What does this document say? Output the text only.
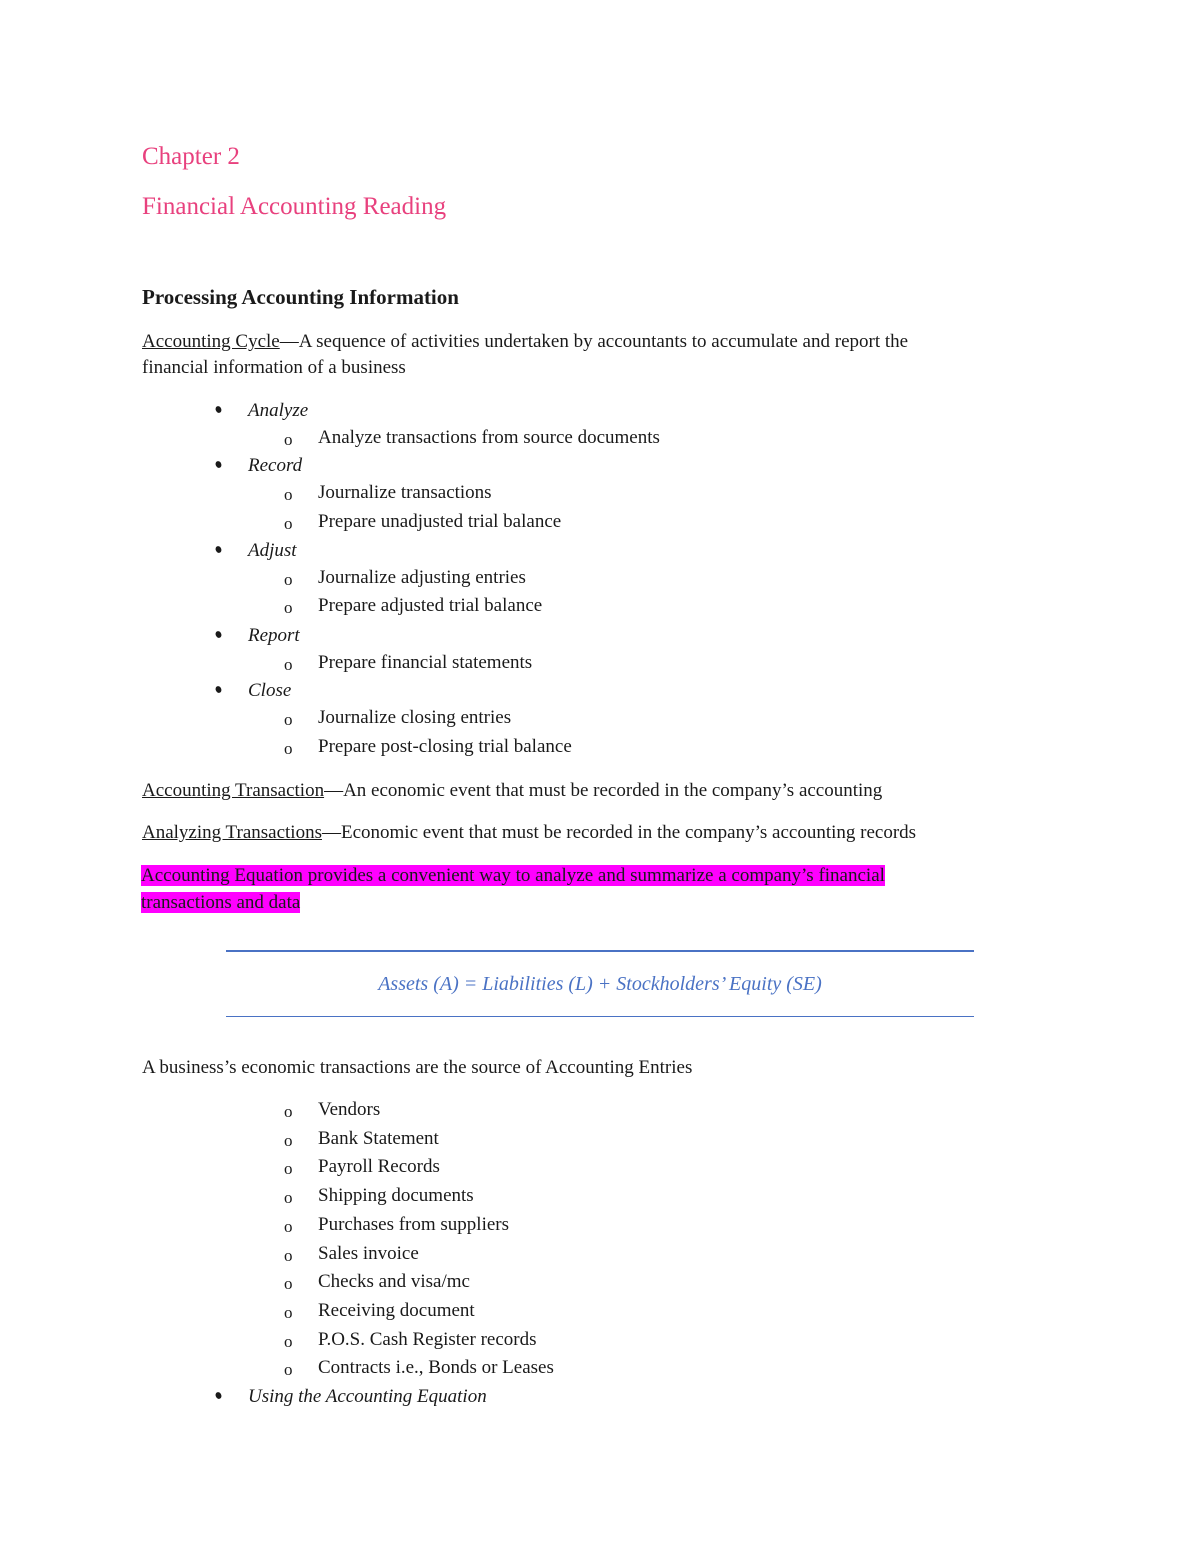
Chapter 2
Financial Accounting Reading
Processing Accounting Information
Accounting Cycle—A sequence of activities undertaken by accountants to accumulate and report the
financial information of a business
Analyze
o Analyze transactions from source documents
Record
o Journalize transactions
o Prepare unadjusted trial balance
Adjust
o Journalize adjusting entries
o Prepare adjusted trial balance
Report
o Prepare financial statements
Close
o Journalize closing entries
o Prepare post-closing trial balance
Accounting Transaction—An economic event that must be recorded in the company’s accounting
Analyzing Transactions—Economic event that must be recorded in the company’s accounting records
Accounting Equation provides a convenient way to analyze and summarize a company’s financial
transactions and data
Assets (A) = Liabilities (L) + Stockholders’ Equity (SE)
A business’s economic transactions are the source of Accounting Entries
o Vendors
o Bank Statement
o Payroll Records
o Shipping documents
o Purchases from suppliers
o Sales invoice
o Checks and visa/mc
o Receiving document
o P.O.S. Cash Register records
o Contracts i.e., Bonds or Leases
Using the Accounting Equation
